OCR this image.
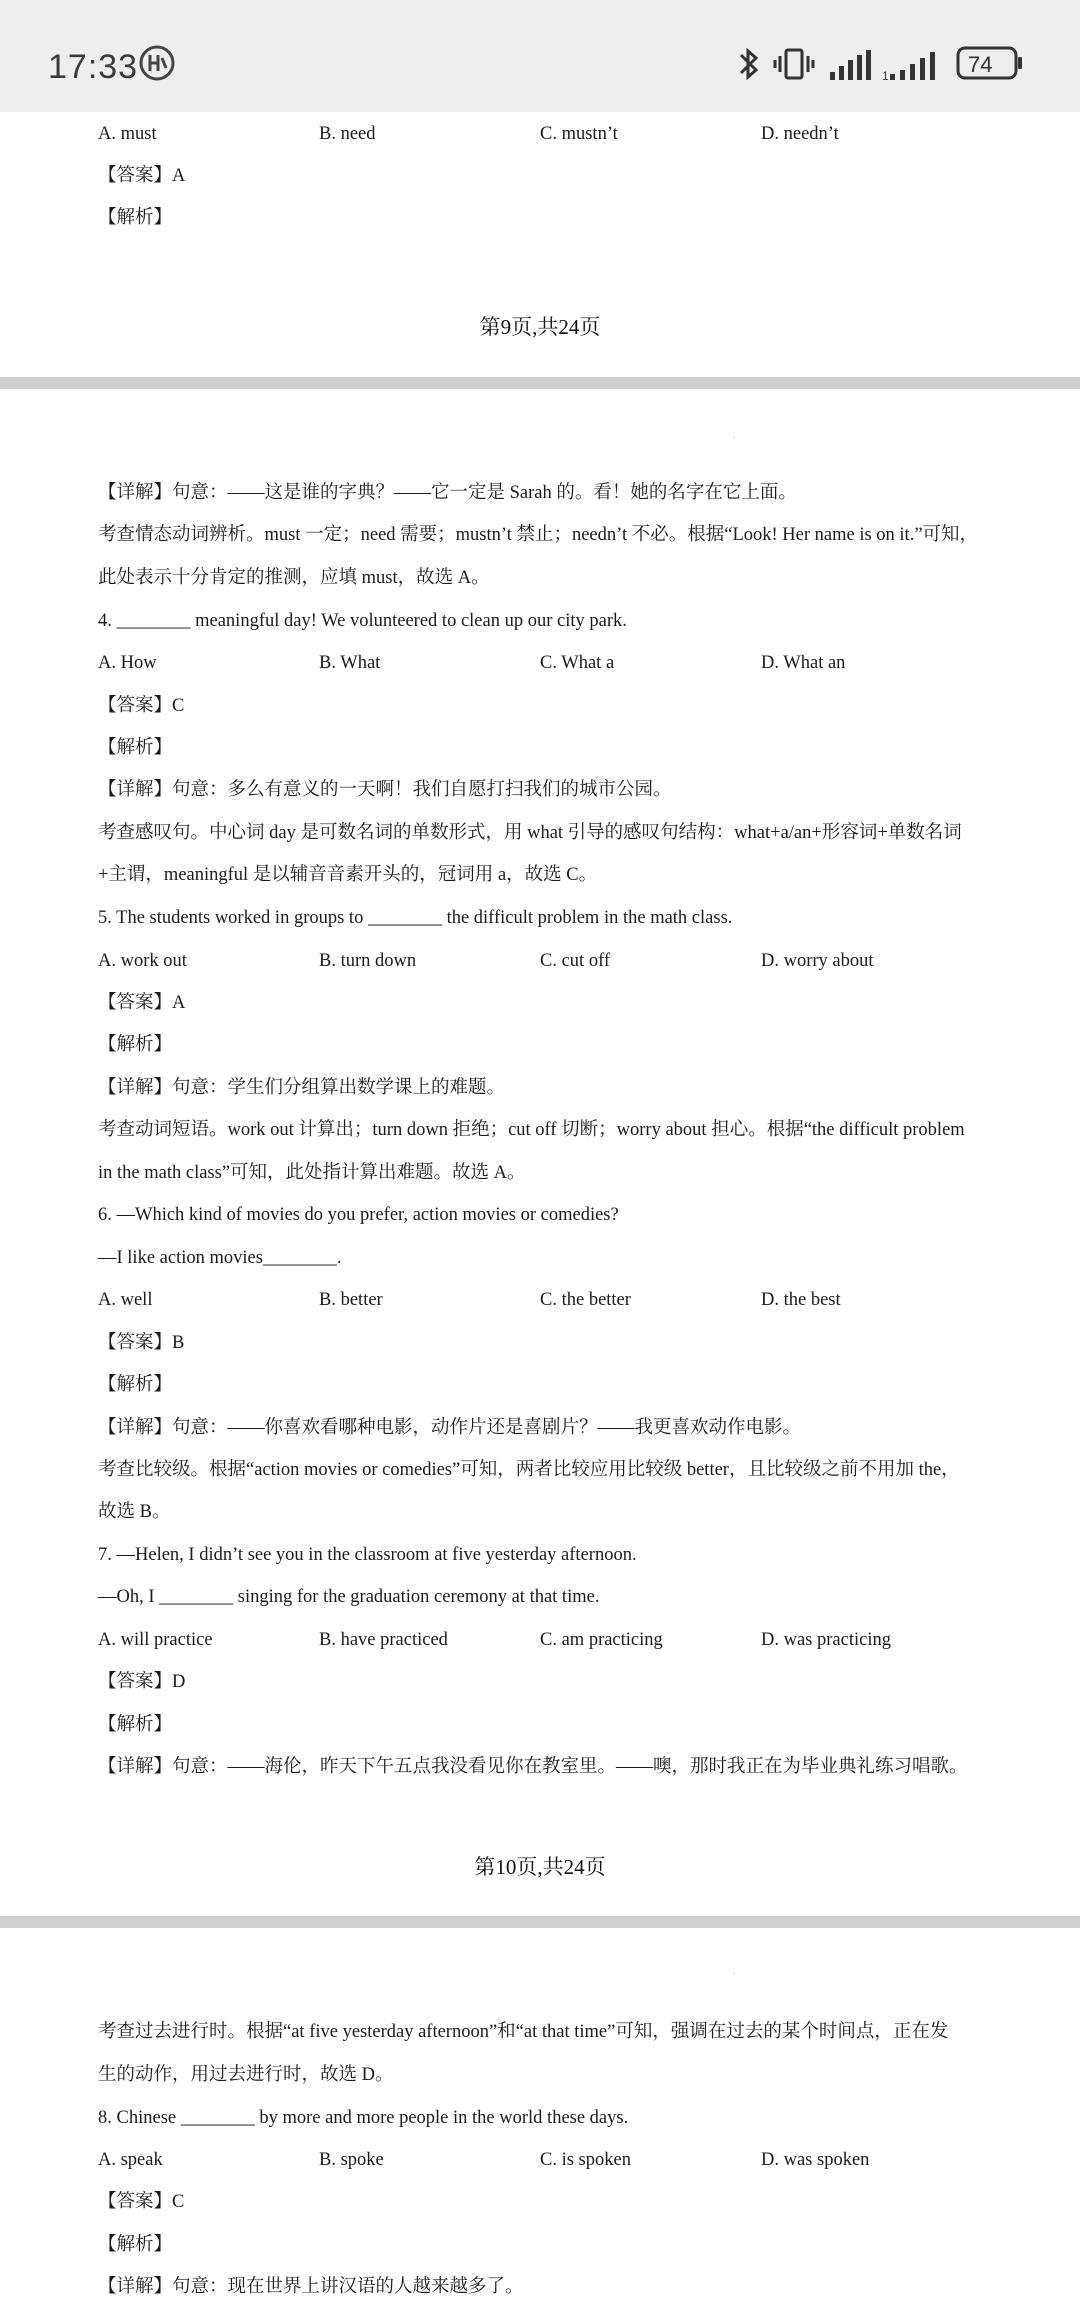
17:33	1	74
A. must	B. need	C. mustn’t	D. needn’t
【答案】A
【解析】
第9页,共24页
.
【详解】句意：——这是谁的字典？——它一定是 Sarah 的。看！她的名字在它上面。
考查情态动词辨析。must 一定；need 需要；mustn’t 禁止；needn’t 不必。根据“Look! Her name is on it.”可知，
此处表示十分肯定的推测，应填 must，故选 A。
4. ________ meaningful day! We volunteered to clean up our city park.
A. How	B. What	C. What a	D. What an
【答案】C
【解析】
【详解】句意：多么有意义的一天啊！我们自愿打扫我们的城市公园。
考查感叹句。中心词 day 是可数名词的单数形式，用 what 引导的感叹句结构：what+a/an+形容词+单数名词
+主谓，meaningful 是以辅音音素开头的，冠词用 a，故选 C。
5. The students worked in groups to ________ the difficult problem in the math class.
A. work out	B. turn down	C. cut off	D. worry about
【答案】A
【解析】
【详解】句意：学生们分组算出数学课上的难题。
考查动词短语。work out 计算出；turn down 拒绝；cut off 切断；worry about 担心。根据“the difficult problem
in the math class”可知，此处指计算出难题。故选 A。
6. —Which kind of movies do you prefer, action movies or comedies?
—I like action movies________.
A. well	B. better	C. the better	D. the best
【答案】B
【解析】
【详解】句意：——你喜欢看哪种电影，动作片还是喜剧片？——我更喜欢动作电影。
考查比较级。根据“action movies or comedies”可知，两者比较应用比较级 better，且比较级之前不用加 the，
故选 B。
7. —Helen, I didn’t see you in the classroom at five yesterday afternoon.
—Oh, I ________ singing for the graduation ceremony at that time.
A. will practice	B. have practiced	C. am practicing	D. was practicing
【答案】D
【解析】
【详解】句意：——海伦，昨天下午五点我没看见你在教室里。——噢，那时我正在为毕业典礼练习唱歌。
第10页,共24页
.
考查过去进行时。根据“at five yesterday afternoon”和“at that time”可知，强调在过去的某个时间点，正在发
生的动作，用过去进行时，故选 D。
8. Chinese ________ by more and more people in the world these days.
A. speak	B. spoke	C. is spoken	D. was spoken
【答案】C
【解析】
【详解】句意：现在世界上讲汉语的人越来越多了。
